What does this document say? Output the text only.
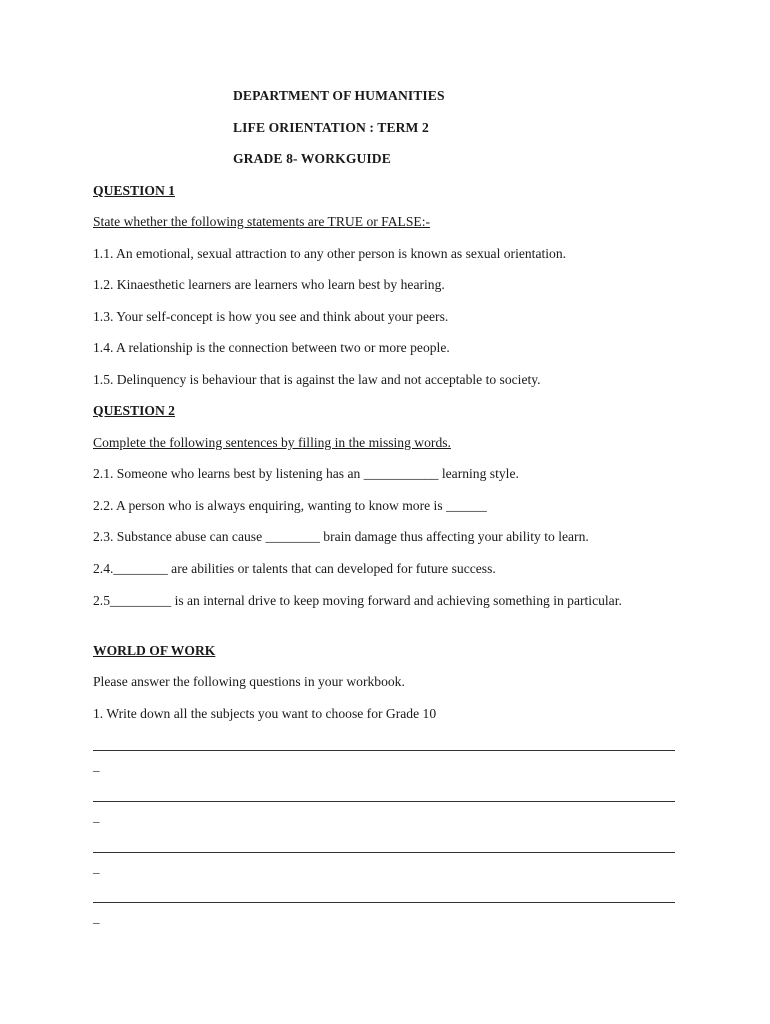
DEPARTMENT OF HUMANITIES
LIFE ORIENTATION : TERM 2
GRADE 8- WORKGUIDE
QUESTION 1
State whether the following statements are TRUE or FALSE:-
1.1. An emotional, sexual attraction to any other person is known as sexual orientation.
1.2. Kinaesthetic learners are learners who learn best by hearing.
1.3. Your self-concept is how you see and think about your peers.
1.4. A relationship is the connection between two or more people.
1.5. Delinquency is behaviour that is against the law and not acceptable to society.
QUESTION 2
Complete the following sentences by filling in the missing words.
2.1. Someone who learns best by listening has an ___________ learning style.
2.2. A person who is always enquiring, wanting to know more is ______
2.3. Substance abuse can cause ________ brain damage thus affecting your ability to learn.
2.4.________ are abilities or talents that can developed for future success.
2.5_________ is an internal drive to keep moving forward and achieving something in particular.
WORLD OF WORK
Please answer the following questions in your workbook.
1. Write down all the subjects you want to choose for Grade 10
_
_
_
_
